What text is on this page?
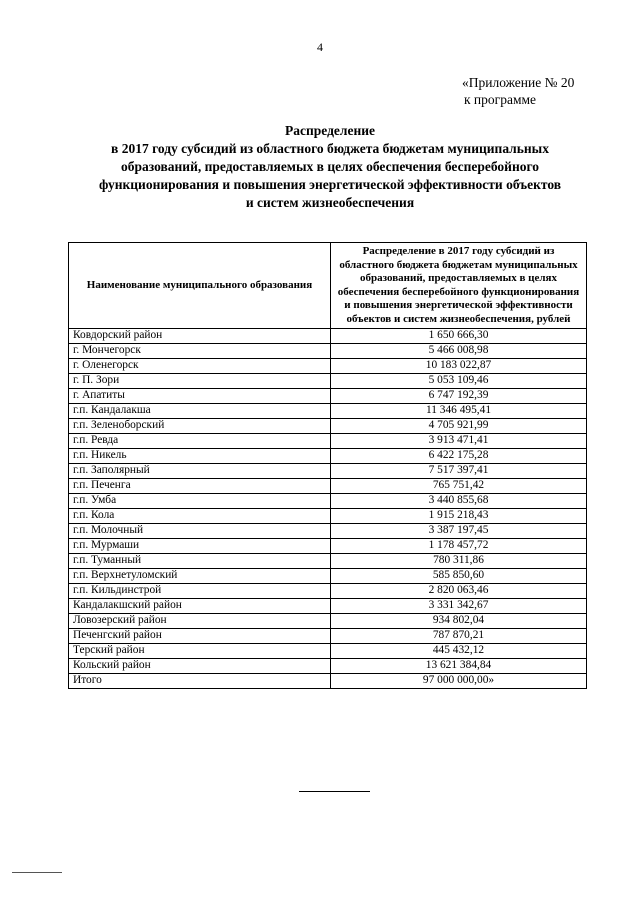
4
«Приложение № 20
к программе
Распределение
в 2017 году субсидий из областного бюджета бюджетам муниципальных
образований, предоставляемых в целях обеспечения бесперебойного
функционирования и повышения энергетической эффективности объектов
и систем жизнеобеспечения
Наименование муниципального образования	Распределение в 2017 году субсидий из областного бюджета бюджетам муниципальных образований, предоставляемых в целях обеспечения бесперебойного функционирования и повышения энергетической эффективности объектов и систем жизнеобеспечения, рублей
Ковдорский район	1 650 666,30
г. Мончегорск	5 466 008,98
г. Оленегорск	10 183 022,87
г. П. Зори	5 053 109,46
г. Апатиты	6 747 192,39
г.п. Кандалакша	11 346 495,41
г.п. Зеленоборский	4 705 921,99
г.п. Ревда	3 913 471,41
г.п. Никель	6 422 175,28
г.п. Заполярный	7 517 397,41
г.п. Печенга	765 751,42
г.п. Умба	3 440 855,68
г.п. Кола	1 915 218,43
г.п. Молочный	3 387 197,45
г.п. Мурмаши	1 178 457,72
г.п. Туманный	780 311,86
г.п. Верхнетуломский	585 850,60
г.п. Кильдинстрой	2 820 063,46
Кандалакшский район	3 331 342,67
Ловозерский район	934 802,04
Печенгский район	787 870,21
Терский район	445 432,12
Кольский район	13 621 384,84
Итого	97 000 000,00»
